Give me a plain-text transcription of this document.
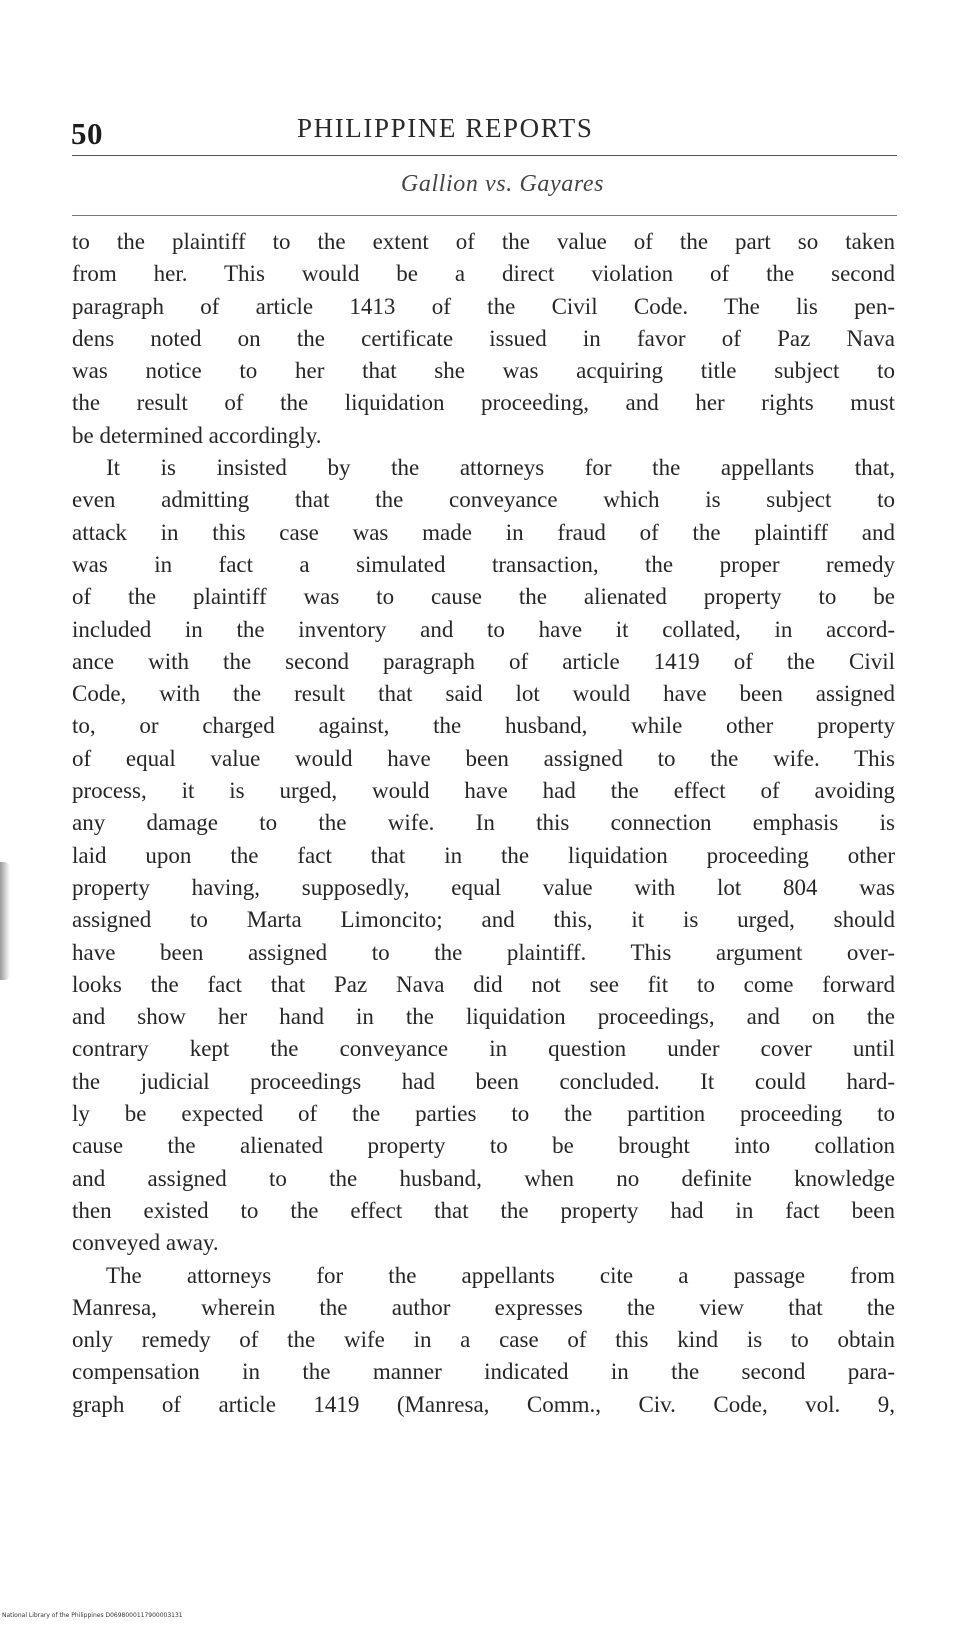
50	PHILIPPINE REPORTS
Gallion vs. Gayares
to the plaintiff to the extent of the value of the part so taken
from her. This would be a direct violation of the second
paragraph of article 1413 of the Civil Code. The lis pen-
dens noted on the certificate issued in favor of Paz Nava
was notice to her that she was acquiring title subject to
the result of the liquidation proceeding, and her rights must
be determined accordingly.
It is insisted by the attorneys for the appellants that,
even admitting that the conveyance which is subject to
attack in this case was made in fraud of the plaintiff and
was in fact a simulated transaction, the proper remedy
of the plaintiff was to cause the alienated property to be
included in the inventory and to have it collated, in accord-
ance with the second paragraph of article 1419 of the Civil
Code, with the result that said lot would have been assigned
to, or charged against, the husband, while other property
of equal value would have been assigned to the wife. This
process, it is urged, would have had the effect of avoiding
any damage to the wife. In this connection emphasis is
laid upon the fact that in the liquidation proceeding other
property having, supposedly, equal value with lot 804 was
assigned to Marta Limoncito; and this, it is urged, should
have been assigned to the plaintiff. This argument over-
looks the fact that Paz Nava did not see fit to come forward
and show her hand in the liquidation proceedings, and on the
contrary kept the conveyance in question under cover until
the judicial proceedings had been concluded. It could hard-
ly be expected of the parties to the partition proceeding to
cause the alienated property to be brought into collation
and assigned to the husband, when no definite knowledge
then existed to the effect that the property had in fact been
conveyed away.
The attorneys for the appellants cite a passage from
Manresa, wherein the author expresses the view that the
only remedy of the wife in a case of this kind is to obtain
compensation in the manner indicated in the second para-
graph of article 1419 (Manresa, Comm., Civ. Code, vol. 9,
National Library of the Philippines D0698000117900003131
